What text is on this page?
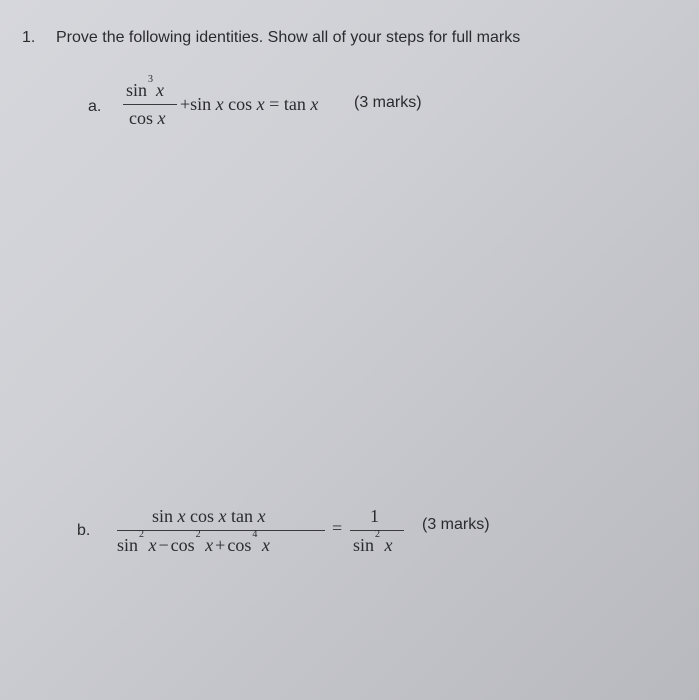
1. Prove the following identities. Show all of your steps for full marks
a.
$\sin^3x$
cos x
+sin x cos x = tan x (3 marks)
b.
sin x cos x tan x
$\sin^2 x - \cos^2 x + \cos^4 x$
=
1
$\sin^2 x$
(3 marks)
